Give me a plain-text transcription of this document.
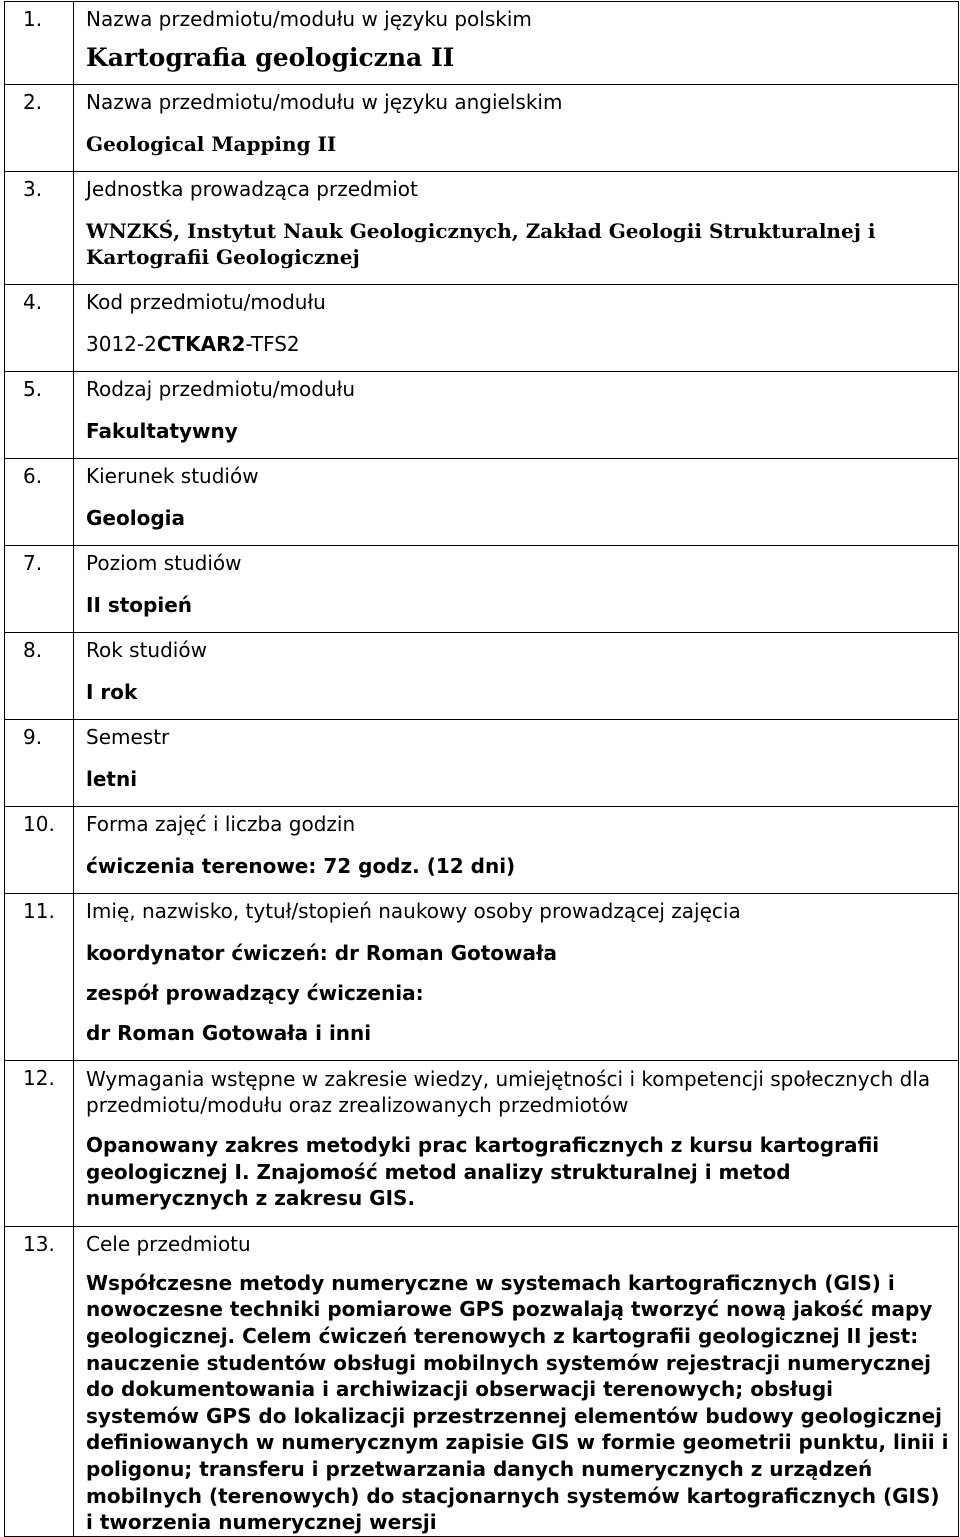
1.	Nazwa przedmiotu/modułu w języku polskim
Kartografia geologiczna II

2.	Nazwa przedmiotu/modułu w języku angielskim
Geological Mapping II

3.	Jednostka prowadząca przedmiot
WNZKŚ, Instytut Nauk Geologicznych, Zakład Geologii Strukturalnej i Kartografii Geologicznej

4.	Kod przedmiotu/modułu
3012-2CTKAR2-TFS2

5.	Rodzaj przedmiotu/modułu
Fakultatywny

6.	Kierunek studiów
Geologia

7.	Poziom studiów
II stopień

8.	Rok studiów
I rok

9.	Semestr
letni

10.	Forma zajęć i liczba godzin
ćwiczenia terenowe: 72 godz. (12 dni)

11.	Imię, nazwisko, tytuł/stopień naukowy osoby prowadzącej zajęcia
koordynator ćwiczeń: dr Roman Gotowała
zespół prowadzący ćwiczenia:
dr Roman Gotowała i inni

12.	Wymagania wstępne w zakresie wiedzy, umiejętności i kompetencji społecznych dla przedmiotu/modułu oraz zrealizowanych przedmiotów
Opanowany zakres metodyki prac kartograficznych z kursu kartografii geologicznej I. Znajomość metod analizy strukturalnej i metod numerycznych z zakresu GIS.

13.	Cele przedmiotu
Współczesne metody numeryczne w systemach kartograficznych (GIS) i nowoczesne techniki pomiarowe GPS pozwalają tworzyć nową jakość mapy geologicznej. Celem ćwiczeń terenowych z kartografii geologicznej II jest: nauczenie studentów obsługi mobilnych systemów rejestracji numerycznej do dokumentowania i archiwizacji obserwacji terenowych; obsługi systemów GPS do lokalizacji przestrzennej elementów budowy geologicznej definiowanych w numerycznym zapisie GIS w formie geometrii punktu, linii i poligonu; transferu i przetwarzania danych numerycznych z urządzeń mobilnych (terenowych) do stacjonarnych systemów kartograficznych (GIS) i tworzenia numerycznej wersji
